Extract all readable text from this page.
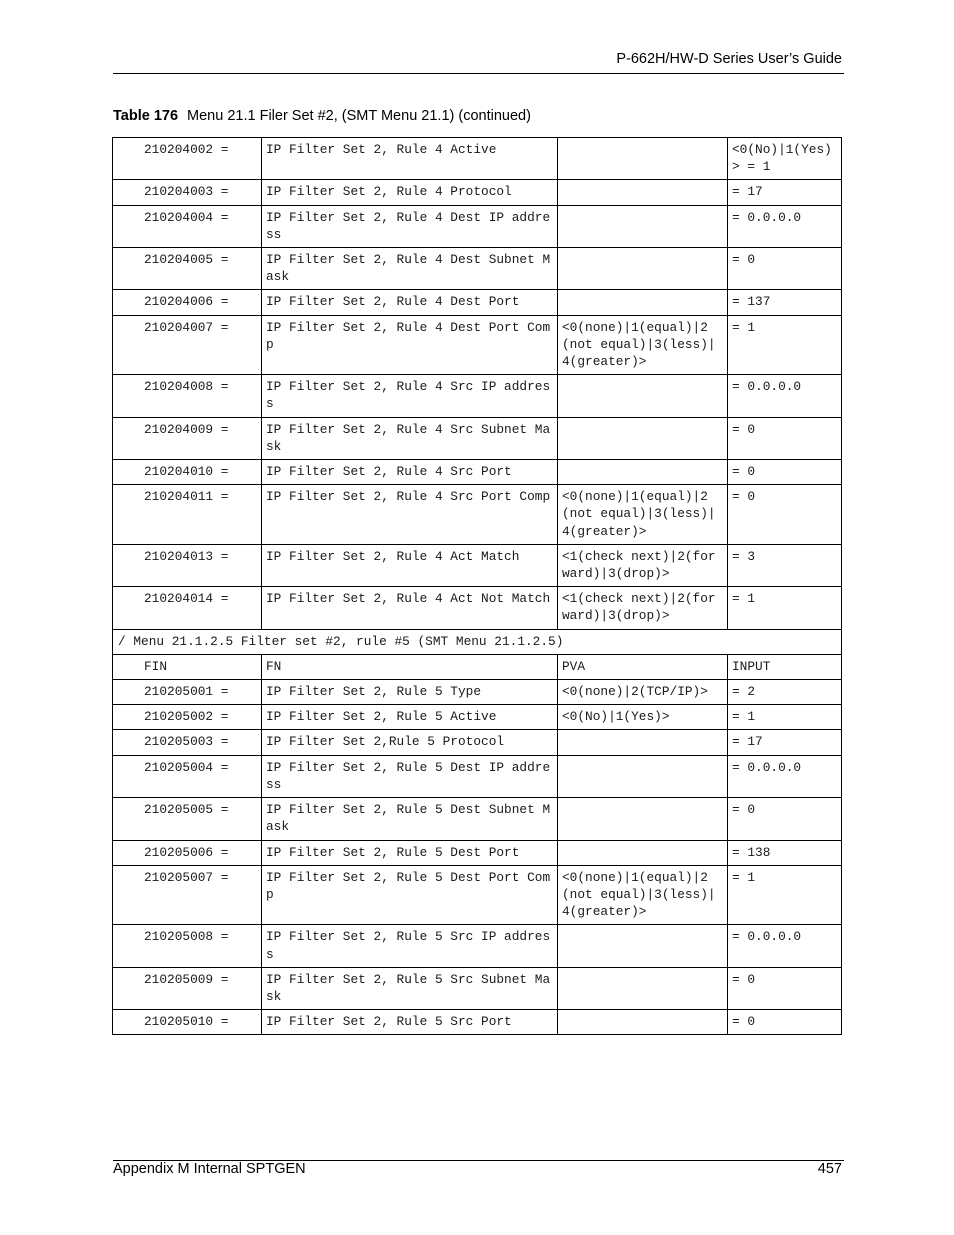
P-662H/HW-D Series User’s Guide
Table 176 Menu 21.1 Filer Set #2, (SMT Menu 21.1) (continued)
210204002 =	IP Filter Set 2, Rule 4 Active		<0(No)|1(Yes)> = 1
210204003 =	IP Filter Set 2, Rule 4 Protocol		= 17
210204004 =	IP Filter Set 2, Rule 4 Dest IP address		= 0.0.0.0
210204005 =	IP Filter Set 2, Rule 4 Dest Subnet Mask		= 0
210204006 =	IP Filter Set 2, Rule 4 Dest Port		= 137
210204007 =	IP Filter Set 2, Rule 4 Dest Port Comp	<0(none)|1(equal)|2(not equal)|3(less)|4(greater)>	= 1
210204008 =	IP Filter Set 2, Rule 4 Src IP address		= 0.0.0.0
210204009 =	IP Filter Set 2, Rule 4 Src Subnet Mask		= 0
210204010 =	IP Filter Set 2, Rule 4 Src Port		= 0
210204011 =	IP Filter Set 2, Rule 4 Src Port Comp	<0(none)|1(equal)|2(not equal)|3(less)|4(greater)>	= 0
210204013 =	IP Filter Set 2, Rule 4 Act Match	<1(check next)|2(forward)|3(drop)>	= 3
210204014 =	IP Filter Set 2, Rule 4 Act Not Match	<1(check next)|2(forward)|3(drop)>	= 1
/ Menu 21.1.2.5 Filter set #2, rule #5 (SMT Menu 21.1.2.5)			
FIN	FN	PVA	INPUT
210205001 =	IP Filter Set 2, Rule 5 Type	<0(none)|2(TCP/IP)>	= 2
210205002 =	IP Filter Set 2, Rule 5 Active	<0(No)|1(Yes)>	= 1
210205003 =	IP Filter Set 2,Rule 5 Protocol		= 17
210205004 =	IP Filter Set 2, Rule 5 Dest IP address		= 0.0.0.0
210205005 =	IP Filter Set 2, Rule 5 Dest Subnet Mask		= 0
210205006 =	IP Filter Set 2, Rule 5 Dest Port		= 138
210205007 =	IP Filter Set 2, Rule 5 Dest Port Comp	<0(none)|1(equal)|2(not equal)|3(less)|4(greater)>	= 1
210205008 =	IP Filter Set 2, Rule 5 Src IP address		= 0.0.0.0
210205009 =	IP Filter Set 2, Rule 5 Src Subnet Mask		= 0
210205010 =	IP Filter Set 2, Rule 5 Src Port		= 0
Appendix M Internal SPTGEN	457
